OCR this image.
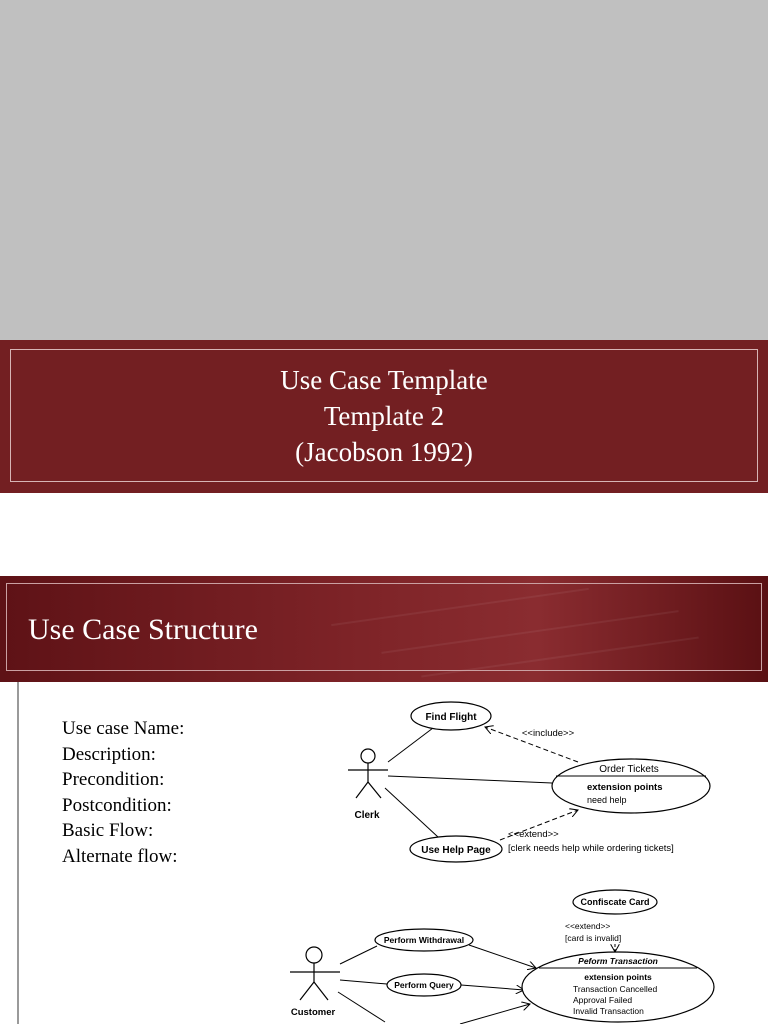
Use Case Template
Template 2
(Jacobson 1992)
Use Case Structure
Use case Name:
Description:
Precondition:
Postcondition:
Basic Flow:
Alternate flow:
Clerk
Find Flight
<<include>>
Order Tickets
extension points
need help
Use Help Page
<<extend>>
[clerk needs help while ordering tickets]
Confiscate Card
<<extend>>
[card is invalid]
Customer
Perform Withdrawal
Perform Query
Peform Transaction
extension points
Transaction Cancelled
Approval Failed
Invalid Transaction
